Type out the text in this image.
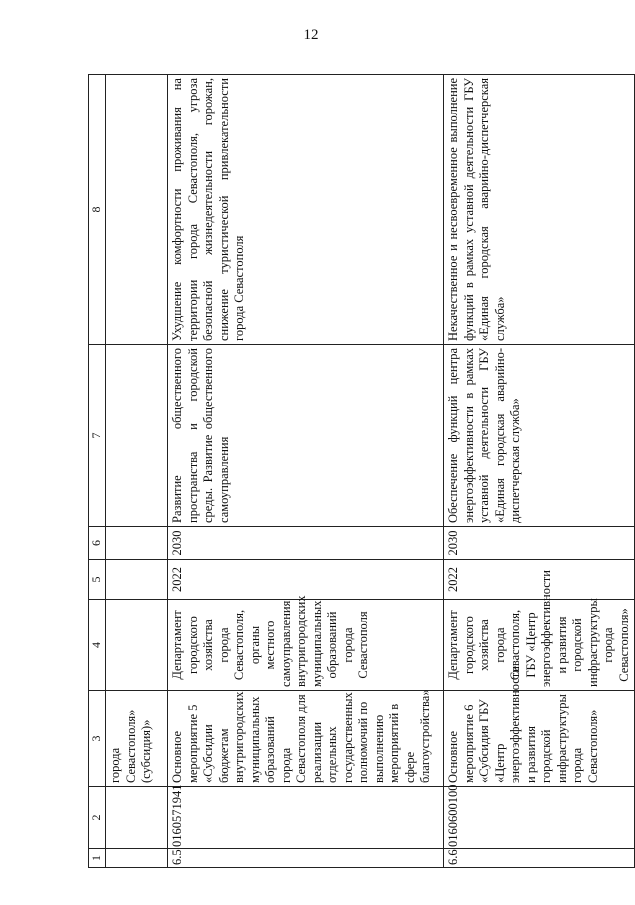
12
1	2	3	4	5	6	7	8
		города Севастополя» (субсидия)»					
6.5	0160571941	Основное мероприятие 5 «Субсидии бюджетам внутригородских муниципальных образований города Севастополя для реализации отдельных государственных полномочий по выполнению мероприятий в сфере благоустройства»	Департамент городского хозяйства города Севастополя, органы местного самоуправления внутригородских муниципальных образований города Севастополя	2022	2030	Развитие общественного пространства и городской среды. Развитие общественного самоуправления	Ухудшение комфортности проживания на территории города Севастополя, угроза безопасной жизнедеятельности горожан, снижение туристической привлекательности города Севастополя
6.6	0160600100	Основное мероприятие 6 «Субсидия ГБУ «Центр энергоэффективности и развития городской инфраструктуры города Севастополя»	Департамент городского хозяйства города Севастополя, ГБУ «Центр энергоэффективности и развития городской инфраструктуры города Севастополя»	2022	2030	Обеспечение функций центра энергоэффективности в рамках уставной деятельности ГБУ «Единая городская аварийно-диспетчерская служба»	Некачественное и несвоевременное выполнение функций в рамках уставной деятельности ГБУ «Единая городская аварийно-диспетчерская служба»
